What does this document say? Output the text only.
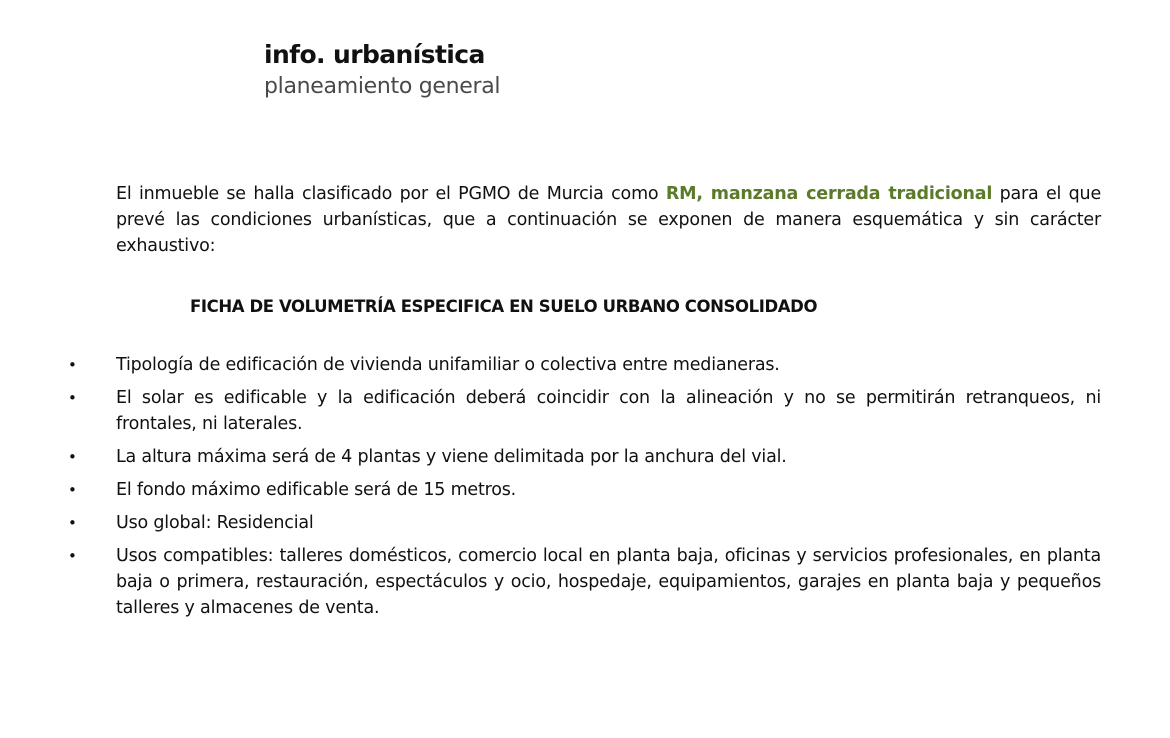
info. urbanística
planeamiento general

El inmueble se halla clasificado por el PGMO de Murcia como RM, manzana cerrada tradicional para el que prevé las condiciones urbanísticas, que a continuación se exponen de manera esquemática y sin carácter exhaustivo:

FICHA DE VOLUMETRÍA ESPECIFICA EN SUELO URBANO CONSOLIDADO
• Tipología de edificación de vivienda unifamiliar o colectiva entre medianeras.
• El solar es edificable y la edificación deberá coincidir con la alineación y no se permitirán retranqueos, ni frontales, ni laterales.
• La altura máxima será de 4 plantas y viene delimitada por la anchura del vial.
• El fondo máximo edificable será de 15 metros.
• Uso global: Residencial
• Usos compatibles: talleres domésticos, comercio local en planta baja, oficinas y servicios profesionales, en planta baja o primera, restauración, espectáculos y ocio, hospedaje, equipamientos, garajes en planta baja y pequeños talleres y almacenes de venta.
